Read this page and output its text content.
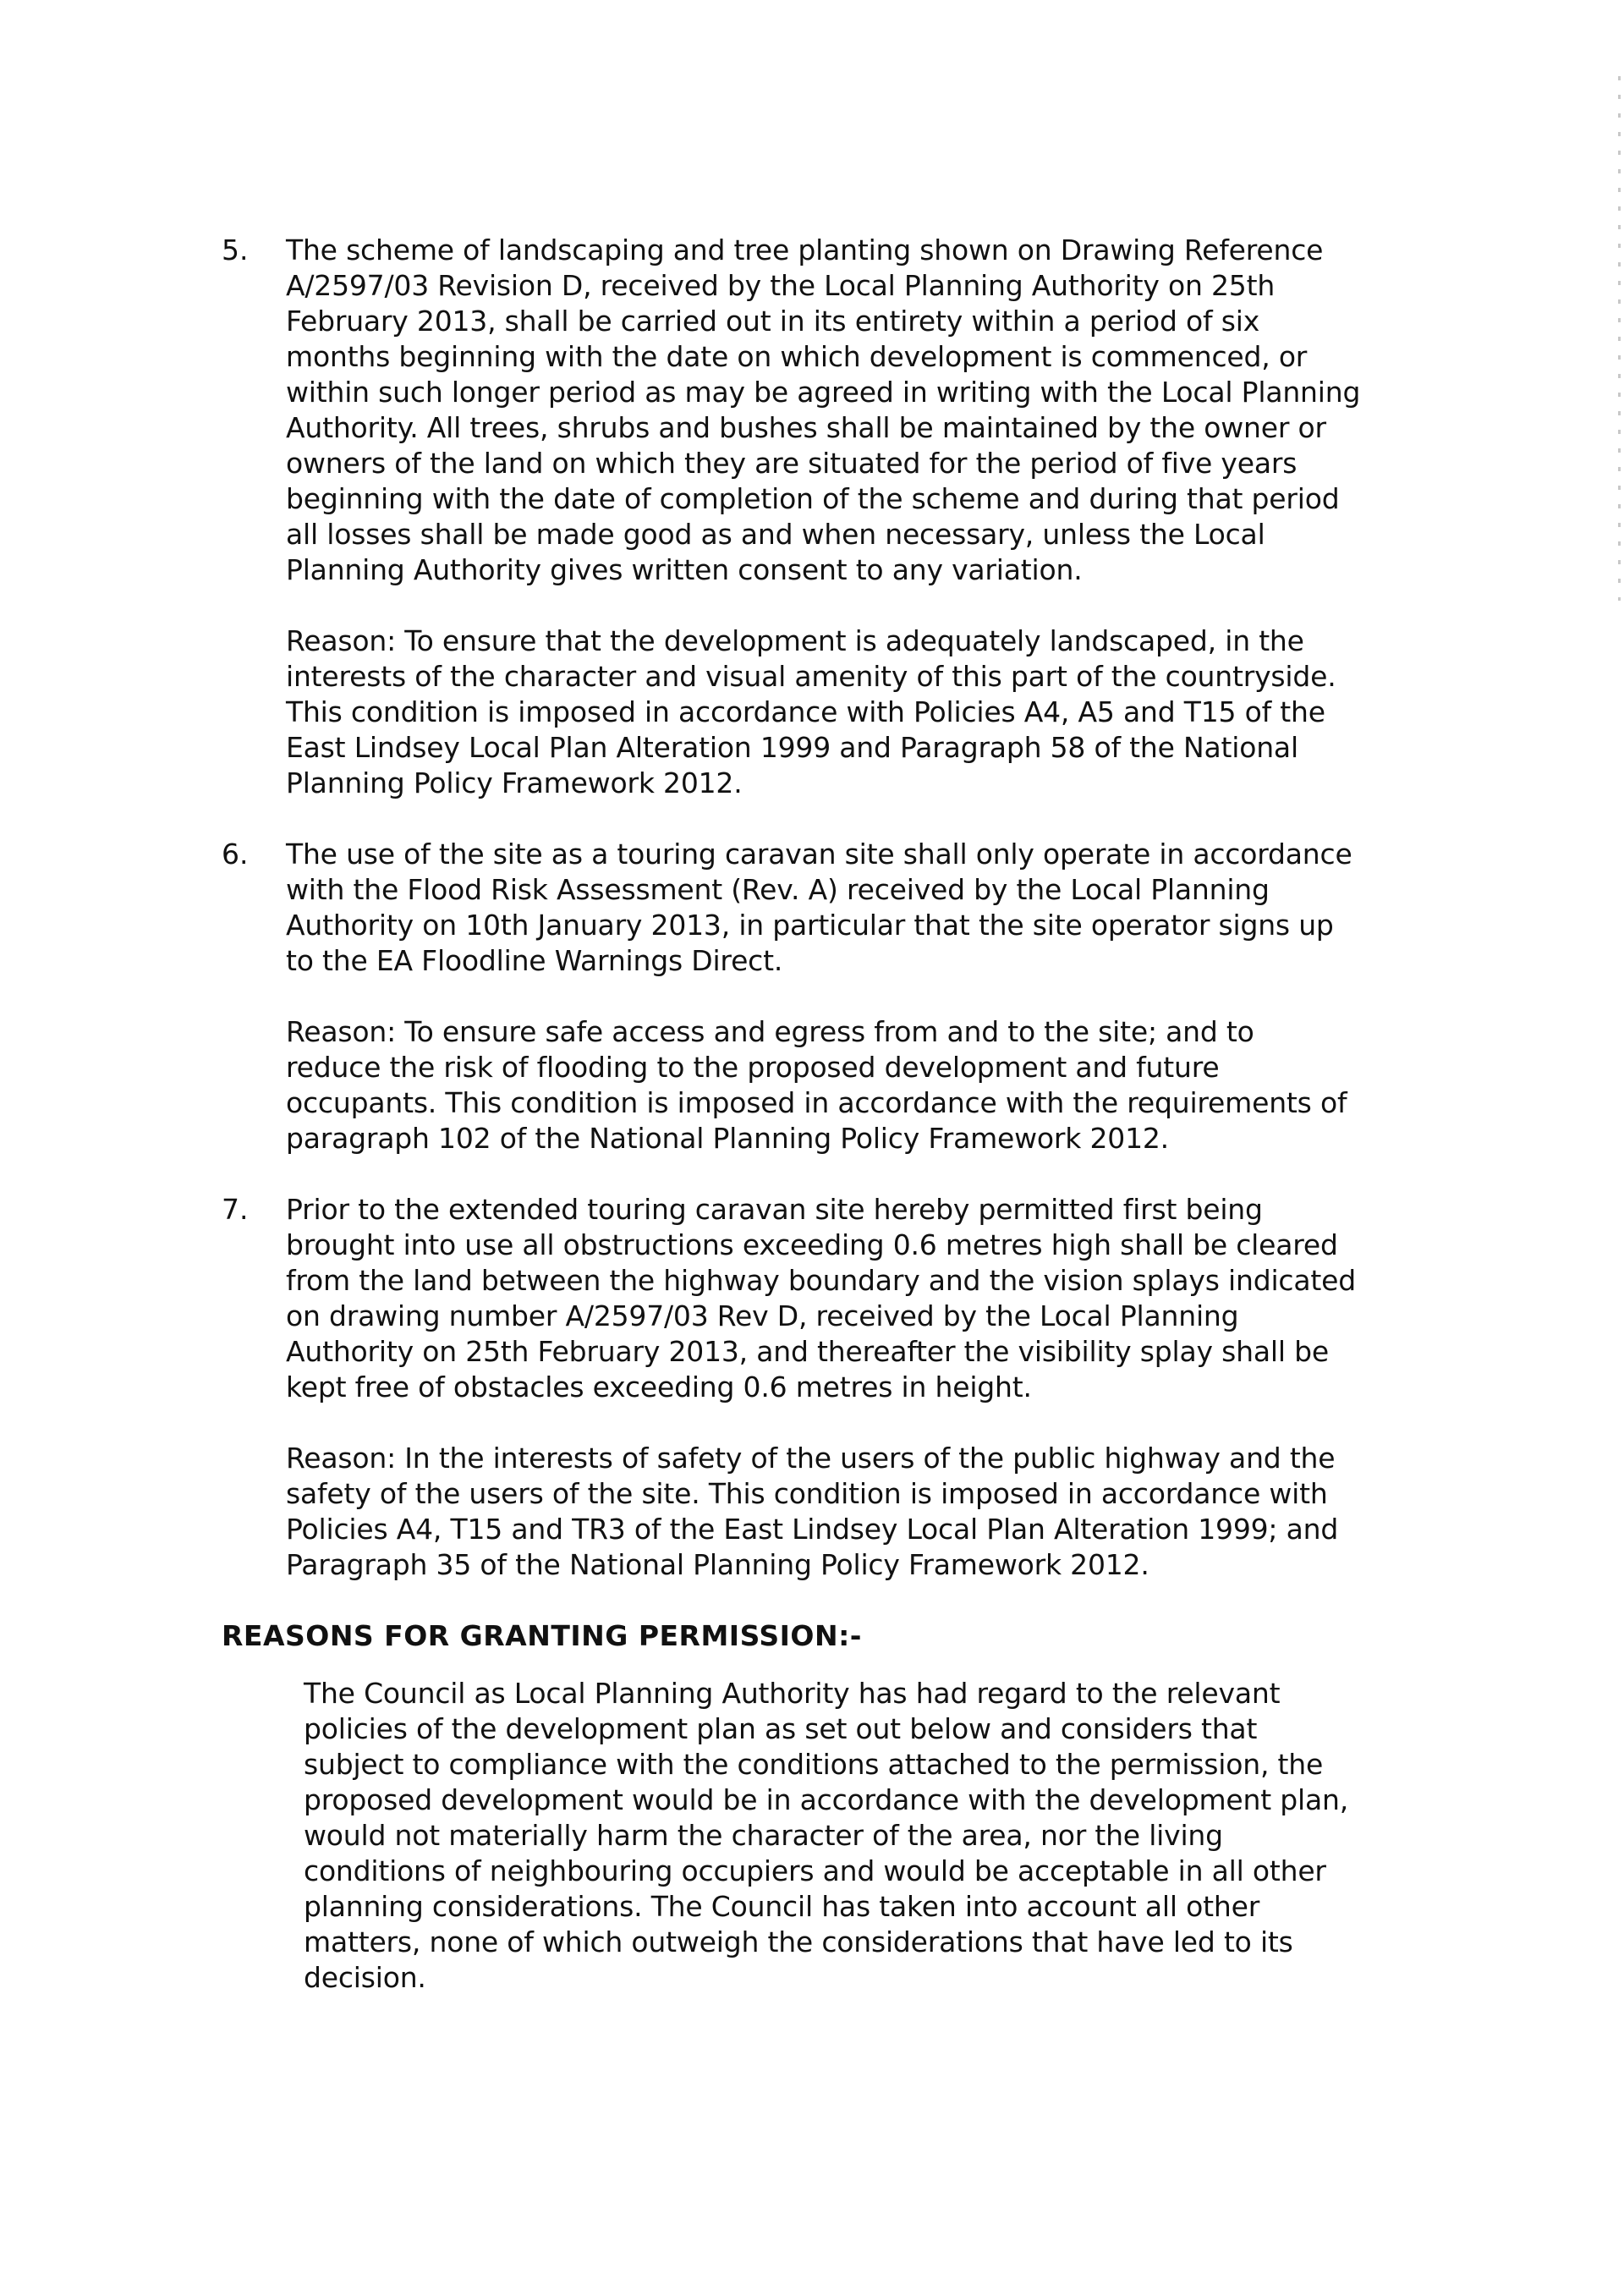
5. The scheme of landscaping and tree planting shown on Drawing Reference
A/2597/03 Revision D, received by the Local Planning Authority on 25th
February 2013, shall be carried out in its entirety within a period of six
months beginning with the date on which development is commenced, or
within such longer period as may be agreed in writing with the Local Planning
Authority. All trees, shrubs and bushes shall be maintained by the owner or
owners of the land on which they are situated for the period of five years
beginning with the date of completion of the scheme and during that period
all losses shall be made good as and when necessary, unless the Local
Planning Authority gives written consent to any variation.

Reason: To ensure that the development is adequately landscaped, in the
interests of the character and visual amenity of this part of the countryside.
This condition is imposed in accordance with Policies A4, A5 and T15 of the
East Lindsey Local Plan Alteration 1999 and Paragraph 58 of the National
Planning Policy Framework 2012.

6. The use of the site as a touring caravan site shall only operate in accordance
with the Flood Risk Assessment (Rev. A) received by the Local Planning
Authority on 10th January 2013, in particular that the site operator signs up
to the EA Floodline Warnings Direct.

Reason: To ensure safe access and egress from and to the site; and to
reduce the risk of flooding to the proposed development and future
occupants. This condition is imposed in accordance with the requirements of
paragraph 102 of the National Planning Policy Framework 2012.

7. Prior to the extended touring caravan site hereby permitted first being
brought into use all obstructions exceeding 0.6 metres high shall be cleared
from the land between the highway boundary and the vision splays indicated
on drawing number A/2597/03 Rev D, received by the Local Planning
Authority on 25th February 2013, and thereafter the visibility splay shall be
kept free of obstacles exceeding 0.6 metres in height.

Reason: In the interests of safety of the users of the public highway and the
safety of the users of the site. This condition is imposed in accordance with
Policies A4, T15 and TR3 of the East Lindsey Local Plan Alteration 1999; and
Paragraph 35 of the National Planning Policy Framework 2012.

REASONS FOR GRANTING PERMISSION:-

The Council as Local Planning Authority has had regard to the relevant
policies of the development plan as set out below and considers that
subject to compliance with the conditions attached to the permission, the
proposed development would be in accordance with the development plan,
would not materially harm the character of the area, nor the living
conditions of neighbouring occupiers and would be acceptable in all other
planning considerations. The Council has taken into account all other
matters, none of which outweigh the considerations that have led to its
decision.
